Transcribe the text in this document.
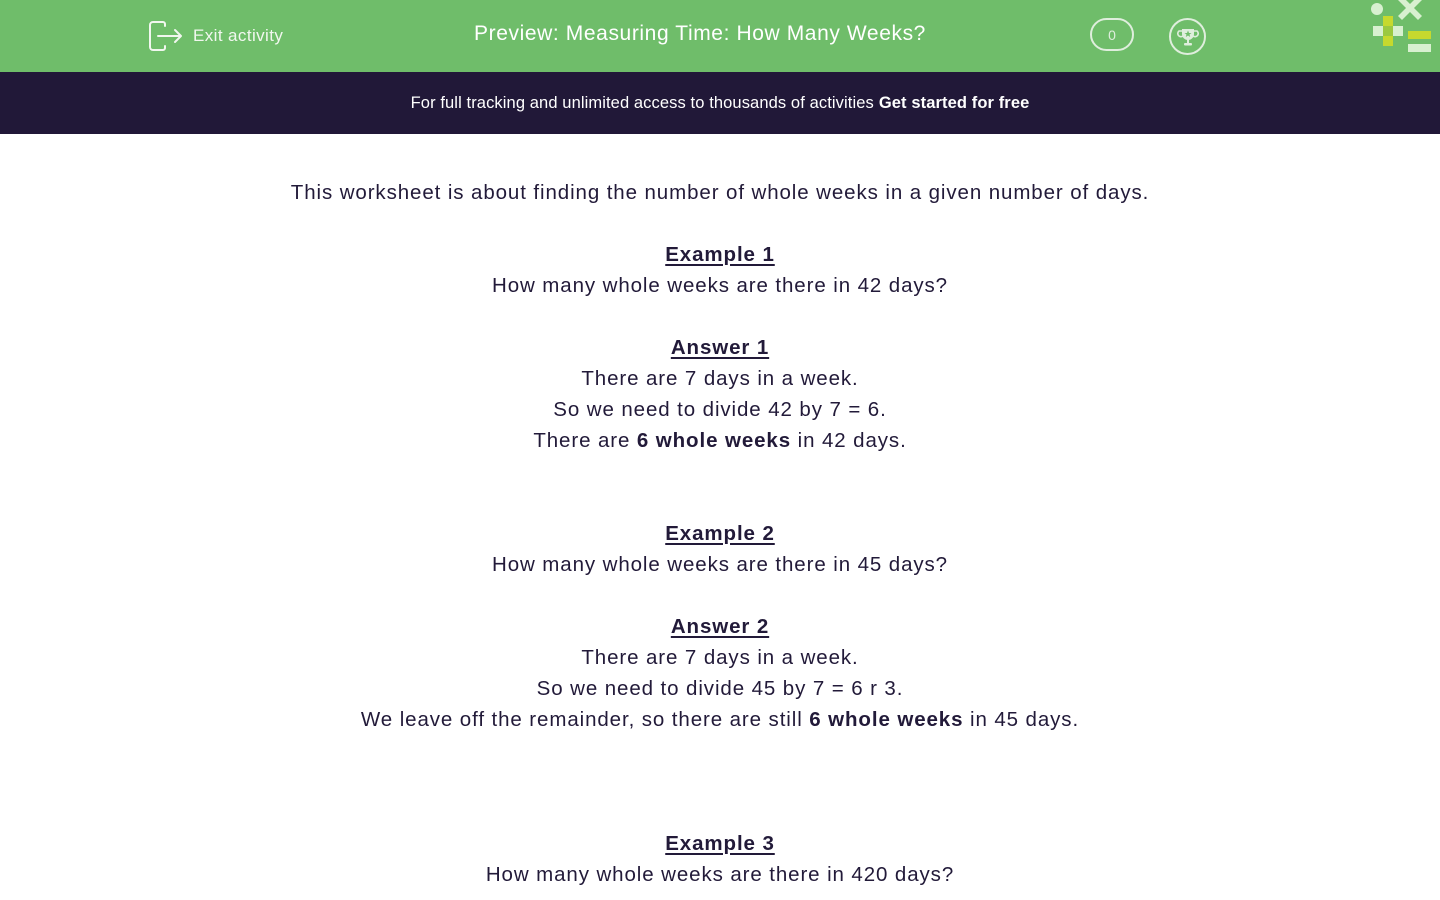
Exit activity	Preview: Measuring Time: How Many Weeks?	0
For full tracking and unlimited access to thousands of activities Get started for free
This worksheet is about finding the number of whole weeks in a given number of days.
Example 1
How many whole weeks are there in 42 days?
Answer 1
There are 7 days in a week.
So we need to divide 42 by 7 = 6.
There are 6 whole weeks in 42 days.
Example 2
How many whole weeks are there in 45 days?
Answer 2
There are 7 days in a week.
So we need to divide 45 by 7 = 6 r 3.
We leave off the remainder, so there are still 6 whole weeks in 45 days.
Example 3
How many whole weeks are there in 420 days?
